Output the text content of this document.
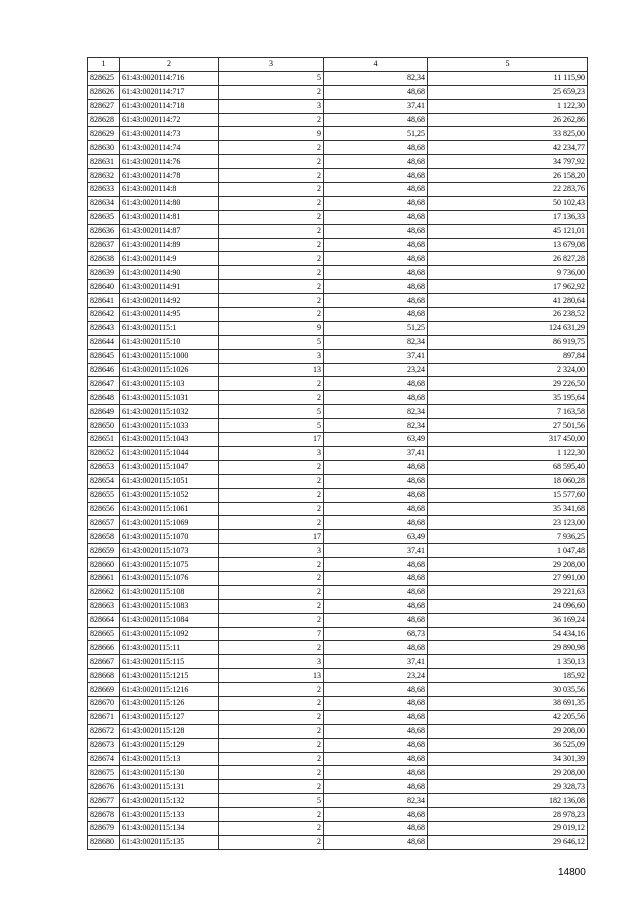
1	2	3	4	5
828625	61:43:0020114:716	5	82,34	11 115,90
828626	61:43:0020114:717	2	48,68	25 659,23
828627	61:43:0020114:718	3	37,41	1 122,30
828628	61:43:0020114:72	2	48,68	26 262,86
828629	61:43:0020114:73	9	51,25	33 825,00
828630	61:43:0020114:74	2	48,68	42 234,77
828631	61:43:0020114:76	2	48,68	34 797,92
828632	61:43:0020114:78	2	48,68	26 158,20
828633	61:43:0020114:8	2	48,68	22 283,76
828634	61:43:0020114:80	2	48,68	50 102,43
828635	61:43:0020114:81	2	48,68	17 136,33
828636	61:43:0020114:87	2	48,68	45 121,01
828637	61:43:0020114:89	2	48,68	13 679,08
828638	61:43:0020114:9	2	48,68	26 827,28
828639	61:43:0020114:90	2	48,68	9 736,00
828640	61:43:0020114:91	2	48,68	17 962,92
828641	61:43:0020114:92	2	48,68	41 280,64
828642	61:43:0020114:95	2	48,68	26 238,52
828643	61:43:0020115:1	9	51,25	124 631,29
828644	61:43:0020115:10	5	82,34	86 919,75
828645	61:43:0020115:1000	3	37,41	897,84
828646	61:43:0020115:1026	13	23,24	2 324,00
828647	61:43:0020115:103	2	48,68	29 226,50
828648	61:43:0020115:1031	2	48,68	35 195,64
828649	61:43:0020115:1032	5	82,34	7 163,58
828650	61:43:0020115:1033	5	82,34	27 501,56
828651	61:43:0020115:1043	17	63,49	317 450,00
828652	61:43:0020115:1044	3	37,41	1 122,30
828653	61:43:0020115:1047	2	48,68	68 595,40
828654	61:43:0020115:1051	2	48,68	18 060,28
828655	61:43:0020115:1052	2	48,68	15 577,60
828656	61:43:0020115:1061	2	48,68	35 341,68
828657	61:43:0020115:1069	2	48,68	23 123,00
828658	61:43:0020115:1070	17	63,49	7 936,25
828659	61:43:0020115:1073	3	37,41	1 047,48
828660	61:43:0020115:1075	2	48,68	29 208,00
828661	61:43:0020115:1076	2	48,68	27 991,00
828662	61:43:0020115:108	2	48,68	29 221,63
828663	61:43:0020115:1083	2	48,68	24 096,60
828664	61:43:0020115:1084	2	48,68	36 169,24
828665	61:43:0020115:1092	7	68,73	54 434,16
828666	61:43:0020115:11	2	48,68	29 890,98
828667	61:43:0020115:115	3	37,41	1 350,13
828668	61:43:0020115:1215	13	23,24	185,92
828669	61:43:0020115:1216	2	48,68	30 035,56
828670	61:43:0020115:126	2	48,68	38 691,35
828671	61:43:0020115:127	2	48,68	42 205,56
828672	61:43:0020115:128	2	48,68	29 208,00
828673	61:43:0020115:129	2	48,68	36 525,09
828674	61:43:0020115:13	2	48,68	34 301,39
828675	61:43:0020115:130	2	48,68	29 208,00
828676	61:43:0020115:131	2	48,68	29 328,73
828677	61:43:0020115:132	5	82,34	182 136,08
828678	61:43:0020115:133	2	48,68	28 978,23
828679	61:43:0020115:134	2	48,68	29 019,12
828680	61:43:0020115:135	2	48,68	29 646,12
14800
